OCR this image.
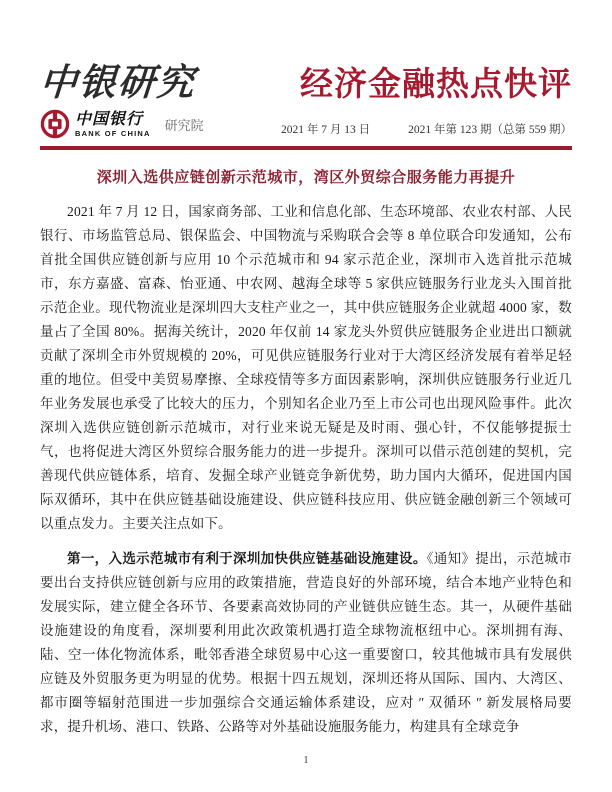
中银研究
中国银行
BANK OF CHINA
研究院
经济金融热点快评
2021 年 7 月 13 日	2021 年第 123 期（总第 559 期）
深圳入选供应链创新示范城市，湾区外贸综合服务能力再提升
2021 年 7 月 12 日，国家商务部、工业和信息化部、生态环境部、农业农村部、人民银行、市场监管总局、银保监会、中国物流与采购联合会等 8 单位联合印发通知，公布首批全国供应链创新与应用 10 个示范城市和 94 家示范企业，深圳市入选首批示范城市，东方嘉盛、富森、怡亚通、中农网、越海全球等 5 家供应链服务行业龙头入围首批示范企业。现代物流业是深圳四大支柱产业之一，其中供应链服务企业就超 4000 家，数量占了全国 80%。据海关统计，2020 年仅前 14 家龙头外贸供应链服务企业进出口额就贡献了深圳全市外贸规模的 20%，可见供应链服务行业对于大湾区经济发展有着举足轻重的地位。但受中美贸易摩擦、全球疫情等多方面因素影响，深圳供应链服务行业近几年业务发展也承受了比较大的压力，个别知名企业乃至上市公司也出现风险事件。此次深圳入选供应链创新示范城市，对行业来说无疑是及时雨、强心针，不仅能够提振士气，也将促进大湾区外贸综合服务能力的进一步提升。深圳可以借示范创建的契机，完善现代供应链体系，培育、发掘全球产业链竞争新优势，助力国内大循环，促进国内国际双循环，其中在供应链基础设施建设、供应链科技应用、供应链金融创新三个领域可以重点发力。主要关注点如下。
第一，入选示范城市有利于深圳加快供应链基础设施建设。《通知》提出，示范城市要出台支持供应链创新与应用的政策措施，营造良好的外部环境，结合本地产业特色和发展实际，建立健全各环节、各要素高效协同的产业链供应链生态。其一，从硬件基础设施建设的角度看，深圳要利用此次政策机遇打造全球物流枢纽中心。深圳拥有海、陆、空一体化物流体系，毗邻香港全球贸易中心这一重要窗口，较其他城市具有发展供应链及外贸服务更为明显的优势。根据十四五规划，深圳还将从国际、国内、大湾区、都市圈等辐射范围进一步加强综合交通运输体系建设，应对 ″ 双循环 ″ 新发展格局要求，提升机场、港口、铁路、公路等对外基础设施服务能力，构建具有全球竞争
1
